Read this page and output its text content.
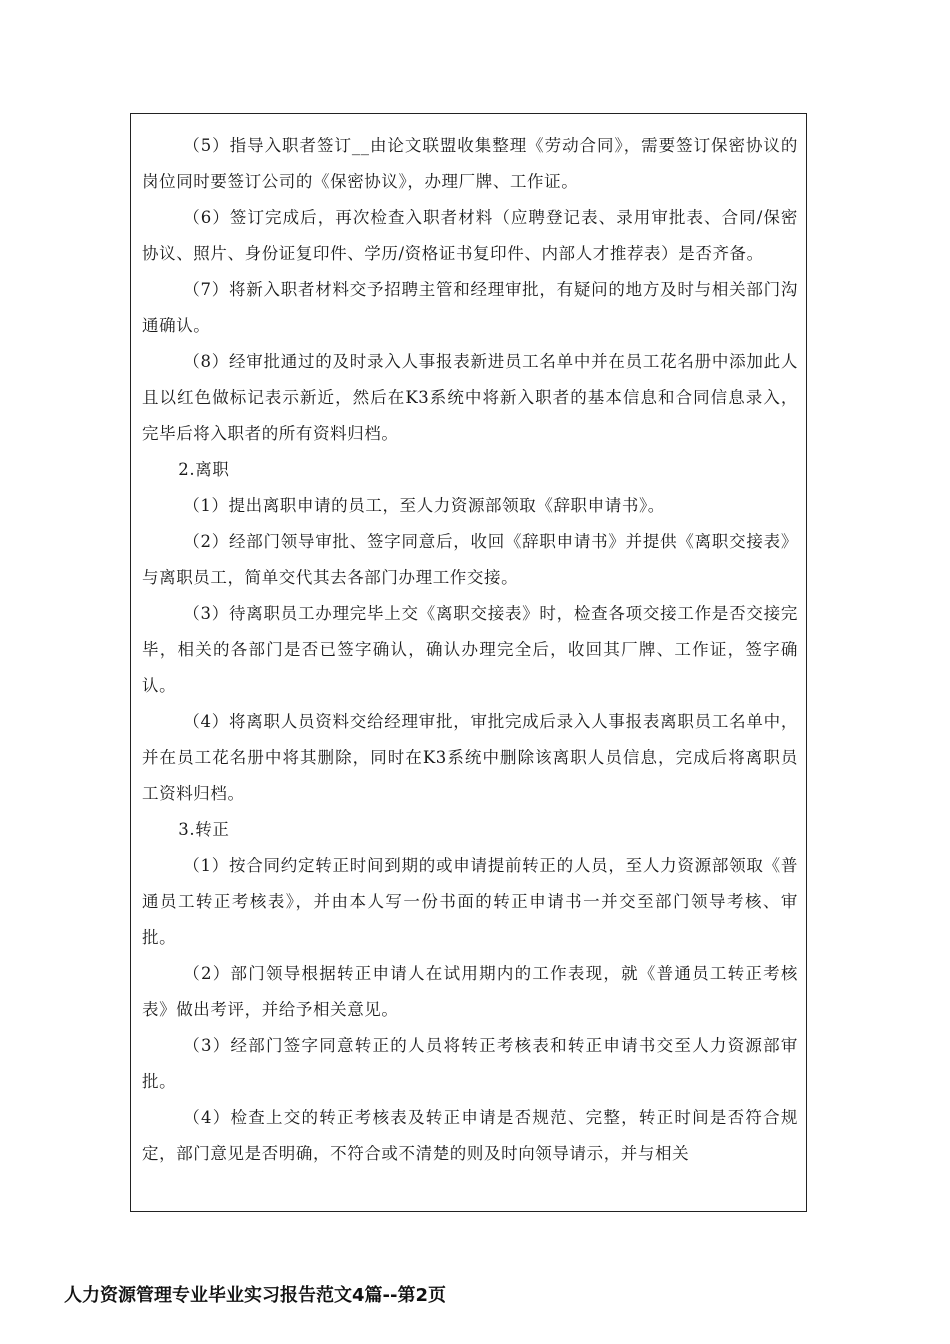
（5）指导入职者签订__由论文联盟收集整理《劳动合同》，需要签订保密协议的岗位同时要签订公司的《保密协议》，办理厂牌、工作证。

（6）签订完成后，再次检查入职者材料（应聘登记表、录用审批表、合同/保密协议、照片、身份证复印件、学历/资格证书复印件、内部人才推荐表）是否齐备。

（7）将新入职者材料交予招聘主管和经理审批，有疑问的地方及时与相关部门沟通确认。

（8）经审批通过的及时录入人事报表新进员工名单中并在员工花名册中添加此人且以红色做标记表示新近，然后在K3系统中将新入职者的基本信息和合同信息录入，完毕后将入职者的所有资料归档。

2.离职

（1）提出离职申请的员工，至人力资源部领取《辞职申请书》。

（2）经部门领导审批、签字同意后，收回《辞职申请书》并提供《离职交接表》与离职员工，简单交代其去各部门办理工作交接。

（3）待离职员工办理完毕上交《离职交接表》时，检查各项交接工作是否交接完毕，相关的各部门是否已签字确认，确认办理完全后，收回其厂牌、工作证，签字确认。

（4）将离职人员资料交给经理审批，审批完成后录入人事报表离职员工名单中，并在员工花名册中将其删除，同时在K3系统中删除该离职人员信息，完成后将离职员工资料归档。

3.转正

（1）按合同约定转正时间到期的或申请提前转正的人员，至人力资源部领取《普通员工转正考核表》，并由本人写一份书面的转正申请书一并交至部门领导考核、审批。

（2）部门领导根据转正申请人在试用期内的工作表现，就《普通员工转正考核表》做出考评，并给予相关意见。

（3）经部门签字同意转正的人员将转正考核表和转正申请书交至人力资源部审批。

（4）检查上交的转正考核表及转正申请是否规范、完整，转正时间是否符合规定，部门意见是否明确，不符合或不清楚的则及时向领导请示，并与相关

人力资源管理专业毕业实习报告范文4篇--第2页
